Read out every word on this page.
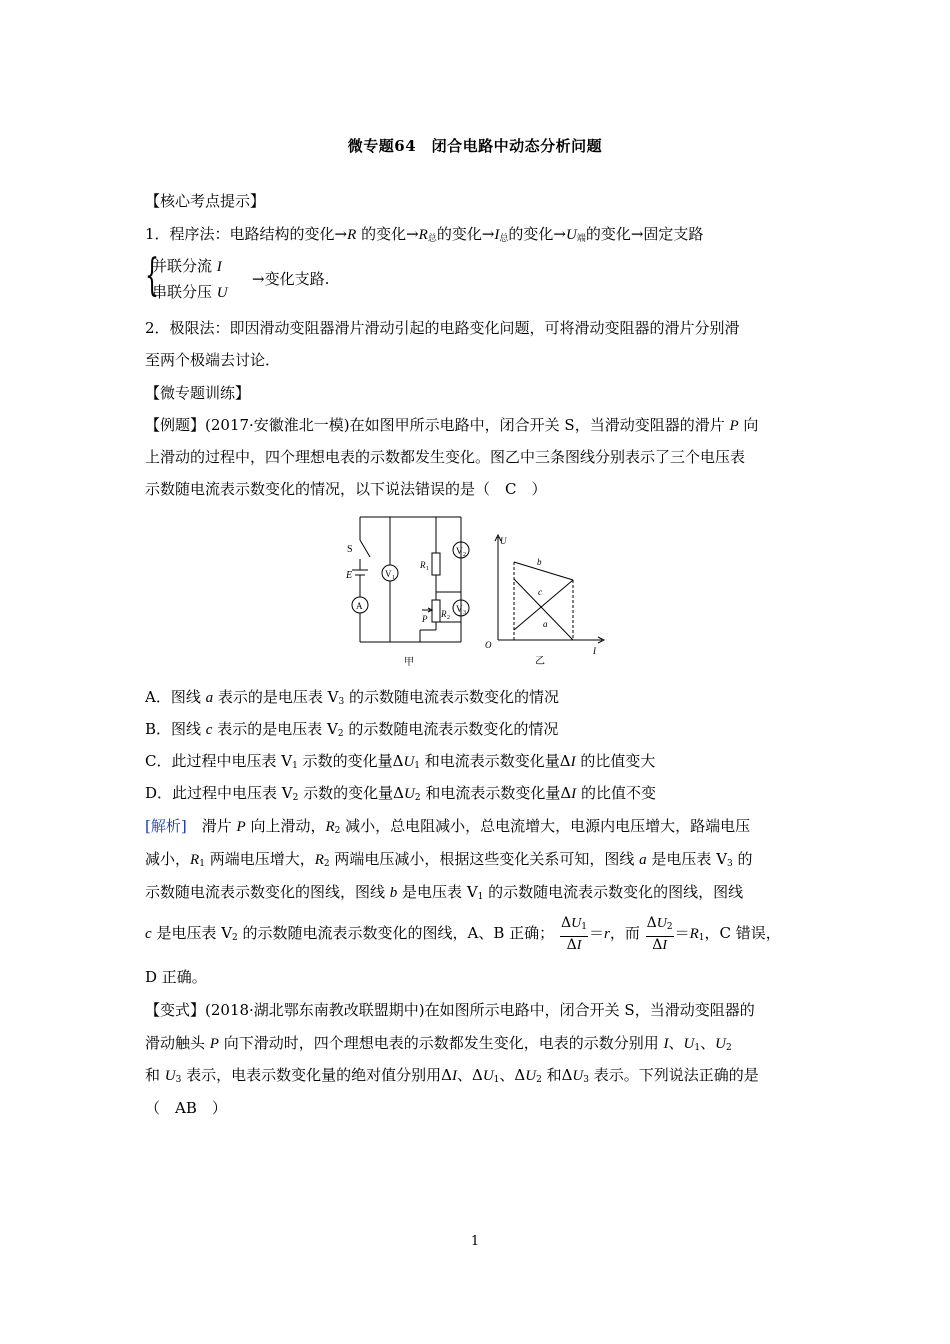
微专题64　闭合电路中动态分析问题
【核心考点提示】
1．程序法：电路结构的变化→R 的变化$\to R_总$的变化$\to I_总$的变化$\to U_端$的变化→固定支路
{
并联分流 I
串联分压 U
→变化支路.
2．极限法：即因滑动变阻器滑片滑动引起的电路变化问题，可将滑动变阻器的滑片分别滑
至两个极端去讨论．
【微专题训练】
【例题】(2017·安徽淮北一模)在如图甲所示电路中，闭合开关 S，当滑动变阻器的滑片 P 向
上滑动的过程中，四个理想电表的示数都发生变化。图乙中三条图线分别表示了三个电压表
示数随电流表示数变化的情况，以下说法错误的是（　C　）
S
E
A
V 1
V 2
V 3
R 1
R 2
P
甲
U
I
O
b
c
a
乙
A．图线 a 表示的是电压表 $V_3$ 的示数随电流表示数变化的情况
B．图线 c 表示的是电压表 $V_2$ 的示数随电流表示数变化的情况
C．此过程中电压表 $V_1$ 示数的变化量$\Delta U_1$ 和电流表示数变化量ΔI 的比值变大
D．此过程中电压表 $V_2$ 示数的变化量$\Delta U_2$ 和电流表示数变化量ΔI 的比值不变
[解析]　滑片 P 向上滑动，$R_2$ 减小，总电阻减小，总电流增大，电源内电压增大，路端电压
减小，$R_1$ 两端电压增大，$R_2$ 两端电压减小，根据这些变化关系可知，图线 a 是电压表 $V_3$ 的
示数随电流表示数变化的图线，图线 b 是电压表 $V_1$ 的示数随电流表示数变化的图线，图线
c 是电压表 $V_2$ 的示数随电流表示数变化的图线，A、B 正确； $\frac{\Delta U_1}{\Delta I} =r$，而 $\frac{\Delta U_2}{\Delta I} =R_1$，C 错误，
D 正确。
【变式】(2018·湖北鄂东南教改联盟期中)在如图所示电路中，闭合开关 S，当滑动变阻器的
滑动触头 P 向下滑动时，四个理想电表的示数都发生变化，电表的示数分别用 I、$U_1$、$U_2$
和 $U_3$ 表示，电表示数变化量的绝对值分别用ΔI、$\Delta U_1$、$\Delta U_2$ 和$\Delta U_3$ 表示。下列说法正确的是
（　AB　）
1
